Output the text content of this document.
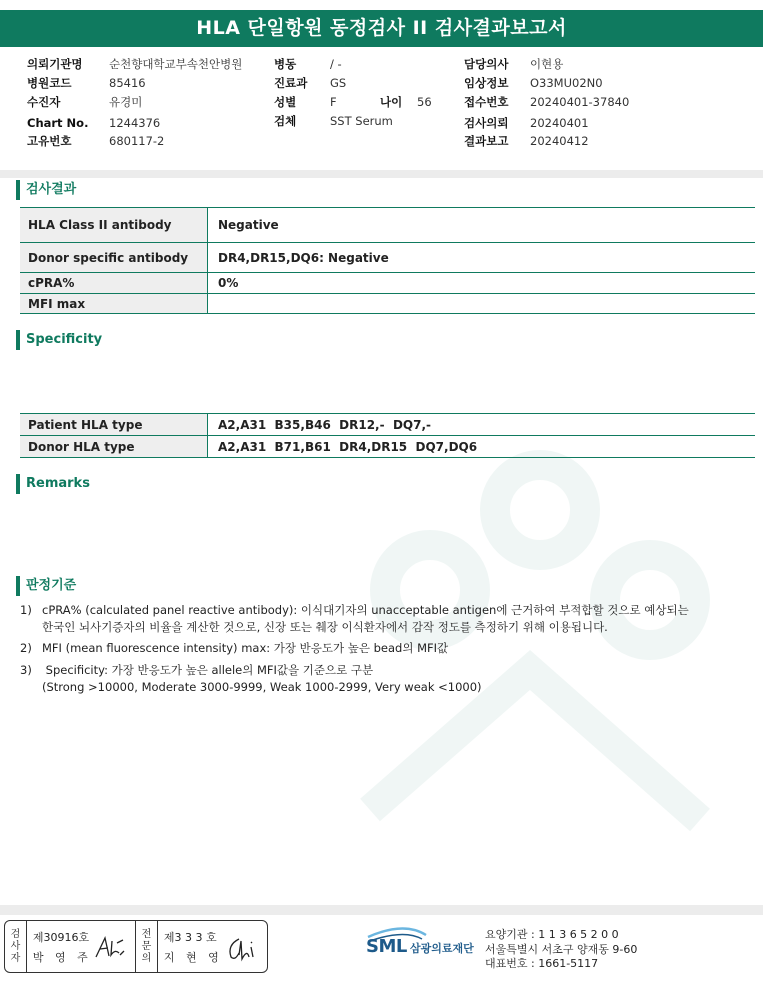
HLA 단일항원 동정검사 II 검사결과보고서
의뢰기관명 순천향대학교부속천안병원
병원코드	85416
수진자	유경미
Chart No. 1244376
고유번호	680117-2
병동	/ -
진료과 GS
성별	F	나이 56
검체	SST Serum
담당의사 이현용
임상정보 O33MU02N0
접수번호 20240401-37840
검사의뢰 20240401
결과보고 20240412
검사결과
HLA Class II antibody	Negative
Donor specific antibody	DR4,DR15,DQ6: Negative
cPRA%	0%
MFI max
Specificity
Patient HLA type	A2,A31  B35,B46  DR12,-  DQ7,-
Donor HLA type	A2,A31  B71,B61  DR4,DR15  DQ7,DQ6
Remarks
판정기준
1) cPRA% (calculated panel reactive antibody): 이식대기자의 unacceptable antigen에 근거하여 부적합할 것으로 예상되는
한국인 뇌사기증자의 비율을 계산한 것으로, 신장 또는 췌장 이식환자에서 감작 정도를 측정하기 위해 이용됩니다.
2) MFI (mean fluorescence intensity) max: 가장 반응도가 높은 bead의 MFI값
3) Specificity: 가장 반응도가 높은 allele의 MFI값을 기준으로 구분
(Strong >10000, Moderate 3000-9999, Weak 1000-2999, Very weak <1000)
검
사
자
제30916호
박 영 주
전
문
의
제3 3 3 호
지 현 영
SML 삼광의료재단
요양기관 : 1 1 3 6 5 2 0 0
서울특별시 서초구 양재동 9-60
대표번호 : 1661-5117
